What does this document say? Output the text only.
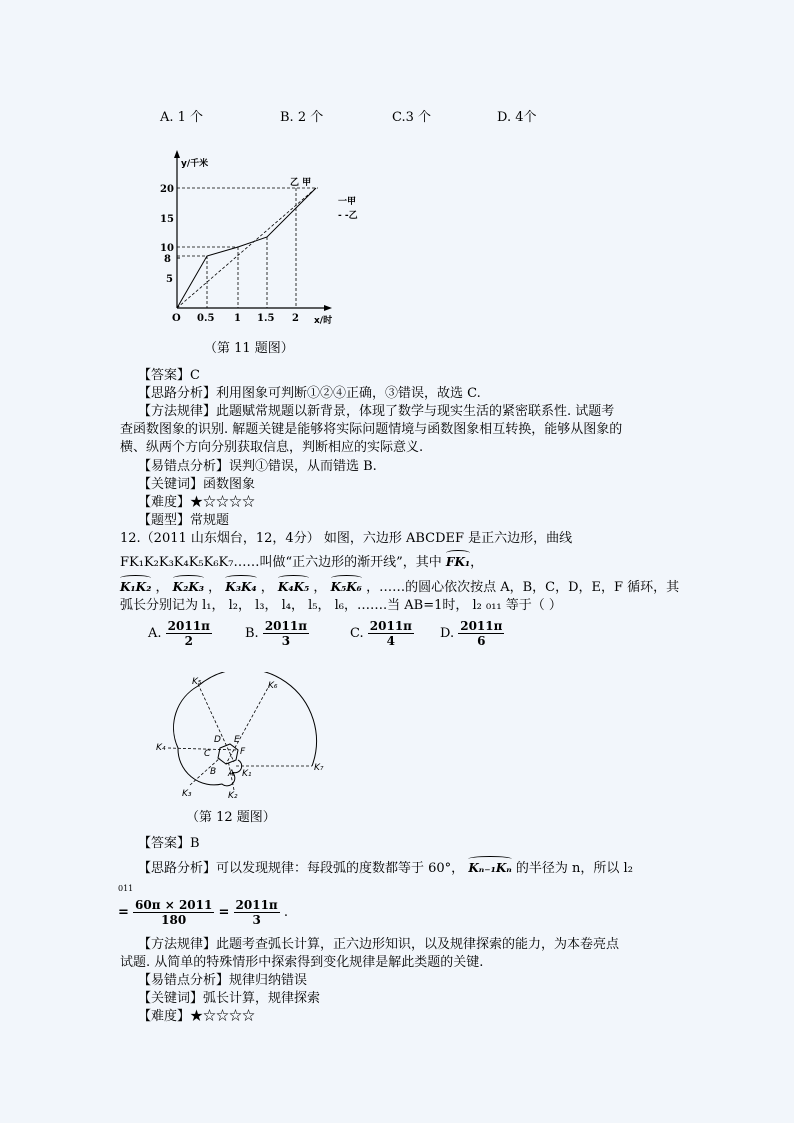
A. 1 个	B. 2 个	C.3 个	D. 4个
y/千米
x/时
O 0.5 1 1.5 2
20
15
10
8
5
乙 甲
一甲
- -乙
（第 11 题图）
【答案】C
【思路分析】利用图象可判断①②④正确，③错误，故选 C.
【方法规律】此题赋常规题以新背景，体现了数学与现实生活的紧密联系性. 试题考
查函数图象的识别. 解题关键是能够将实际问题情境与函数图象相互转换，能够从图象的
横、纵两个方向分别获取信息，判断相应的实际意义.
【易错点分析】误判①错误，从而错选 B.
【关键词】函数图象
【难度】★☆☆☆☆
【题型】常规题
12.（2011 山东烟台，12，4分） 如图，六边形 ABCDEF 是正六边形，曲线
FK₁K₂K₃K₄K₅K₆K₇……叫做“正六边形的渐开线”，其中 FK₁，
K₁K₂ ， K₂K₃ ， K₃K₄ ， K₄K₅ ， K₅K₆ ，……的圆心依次按点 A，B，C，D，E，F 循环，其
弧长分别记为 l₁， l₂， l₃， l₄， l₅， l₆，…….当 AB=1时， l₂ ₀₁₁ 等于（ ）
A. $\frac{2011\pi}{2}$	B. $\frac{2011\pi}{3}$	C. $\frac{2011\pi}{4} D$. $\frac{2011\pi}{6}$
K₅	K₆
K₄
K₇
K₃	K₂
K₁
A
B
C
D E
F
（第 12 题图）
【答案】B
【思路分析】可以发现规律：每段弧的度数都等于 60°， Kₙ₋₁Kₙ 的半径为 n，所以 l₂
011
= $\frac{60\pi \times 2011}{180} = \frac{2011\pi}{3}$ .
【方法规律】此题考查弧长计算，正六边形知识，以及规律探索的能力，为本卷亮点
试题. 从简单的特殊情形中探索得到变化规律是解此类题的关键.
【易错点分析】规律归纳错误
【关键词】弧长计算，规律探索
【难度】★☆☆☆☆
